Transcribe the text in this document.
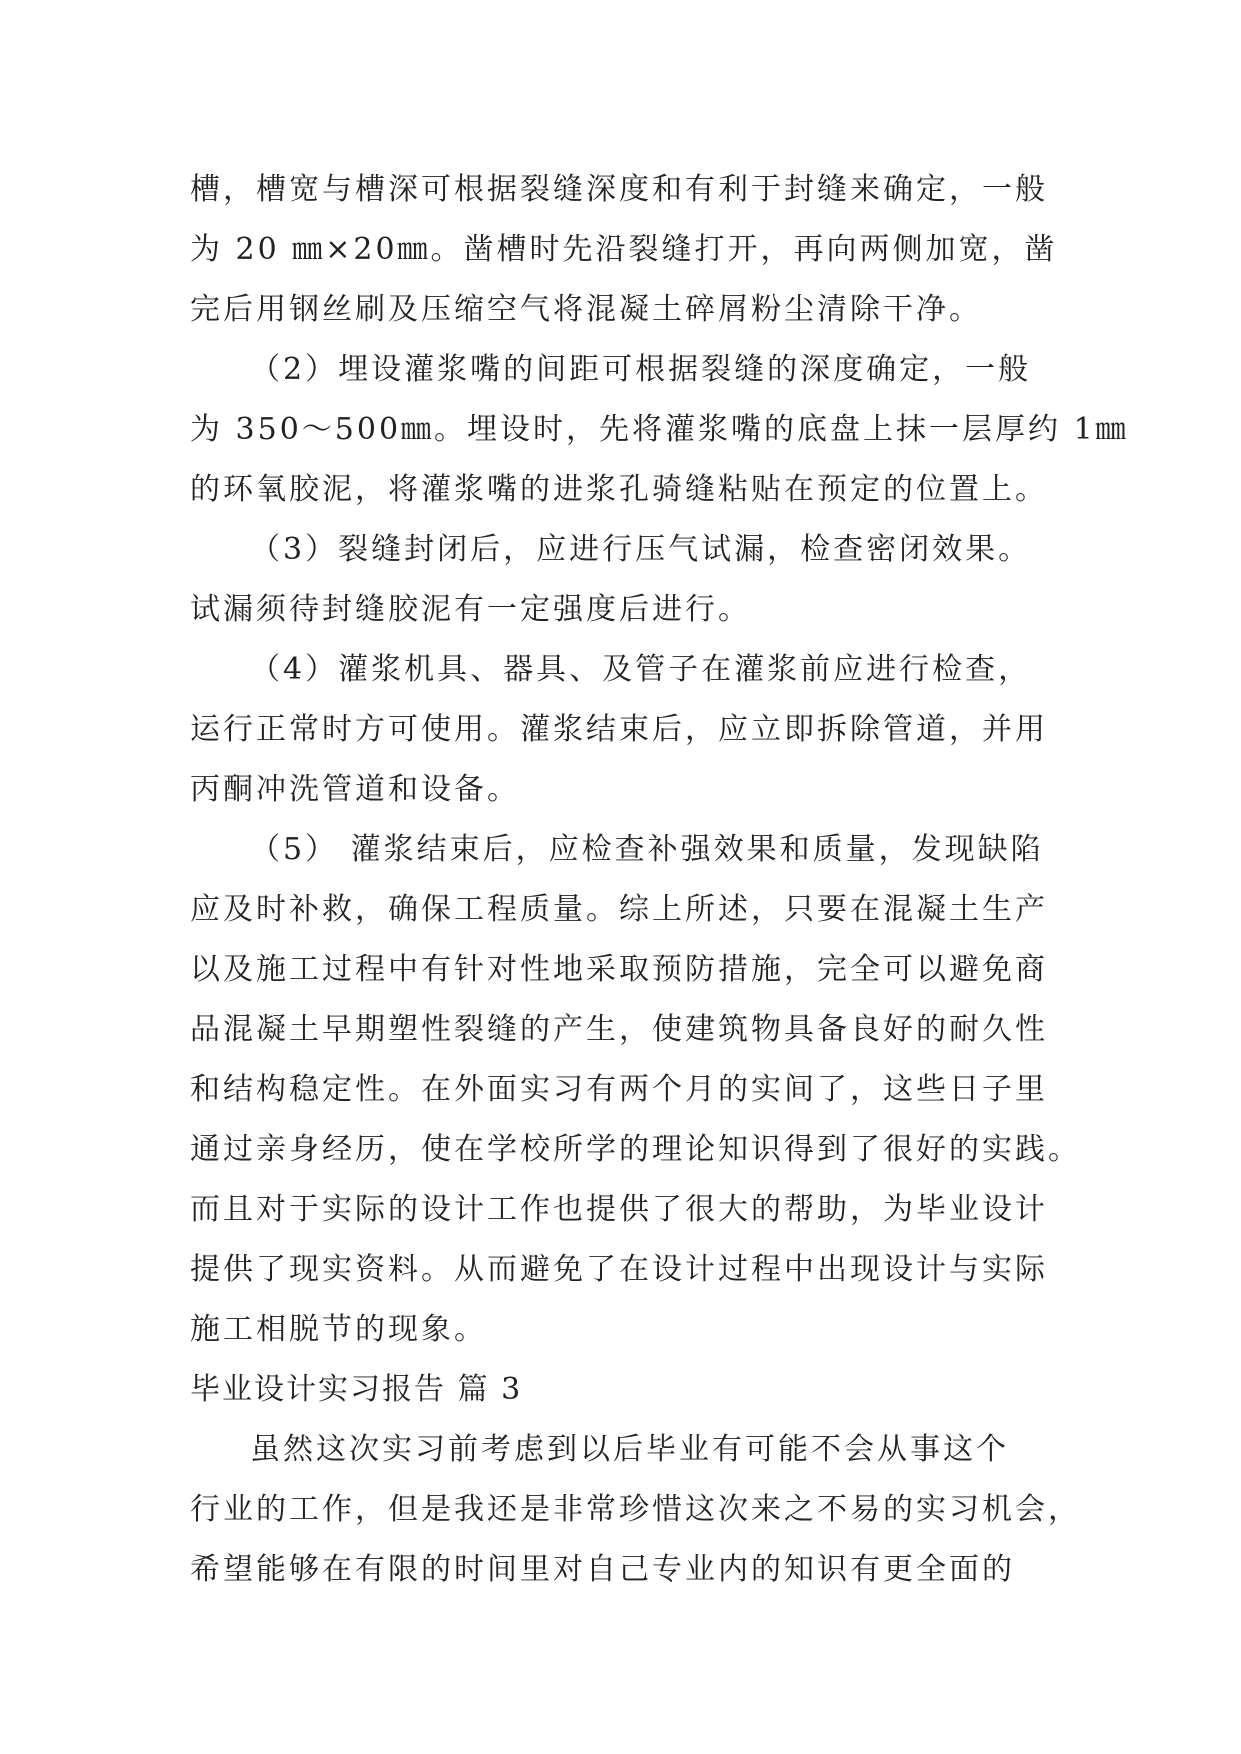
槽，槽宽与槽深可根据裂缝深度和有利于封缝来确定，一般
为 20 ㎜×20㎜。凿槽时先沿裂缝打开，再向两侧加宽，凿
完后用钢丝刷及压缩空气将混凝土碎屑粉尘清除干净。
（2）埋设灌浆嘴的间距可根据裂缝的深度确定，一般
为 350～500㎜。埋设时，先将灌浆嘴的底盘上抹一层厚约 1㎜
的环氧胶泥，将灌浆嘴的进浆孔骑缝粘贴在预定的位置上。
（3）裂缝封闭后，应进行压气试漏，检查密闭效果。
试漏须待封缝胶泥有一定强度后进行。
（4）灌浆机具、器具、及管子在灌浆前应进行检查，
运行正常时方可使用。灌浆结束后，应立即拆除管道，并用
丙酮冲洗管道和设备。
（5） 灌浆结束后，应检查补强效果和质量，发现缺陷
应及时补救，确保工程质量。综上所述，只要在混凝土生产
以及施工过程中有针对性地采取预防措施，完全可以避免商
品混凝土早期塑性裂缝的产生，使建筑物具备良好的耐久性
和结构稳定性。在外面实习有两个月的实间了，这些日子里
通过亲身经历，使在学校所学的理论知识得到了很好的实践。
而且对于实际的设计工作也提供了很大的帮助，为毕业设计
提供了现实资料。从而避免了在设计过程中出现设计与实际
施工相脱节的现象。
毕业设计实习报告 篇 3
虽然这次实习前考虑到以后毕业有可能不会从事这个
行业的工作，但是我还是非常珍惜这次来之不易的实习机会，
希望能够在有限的时间里对自己专业内的知识有更全面的
